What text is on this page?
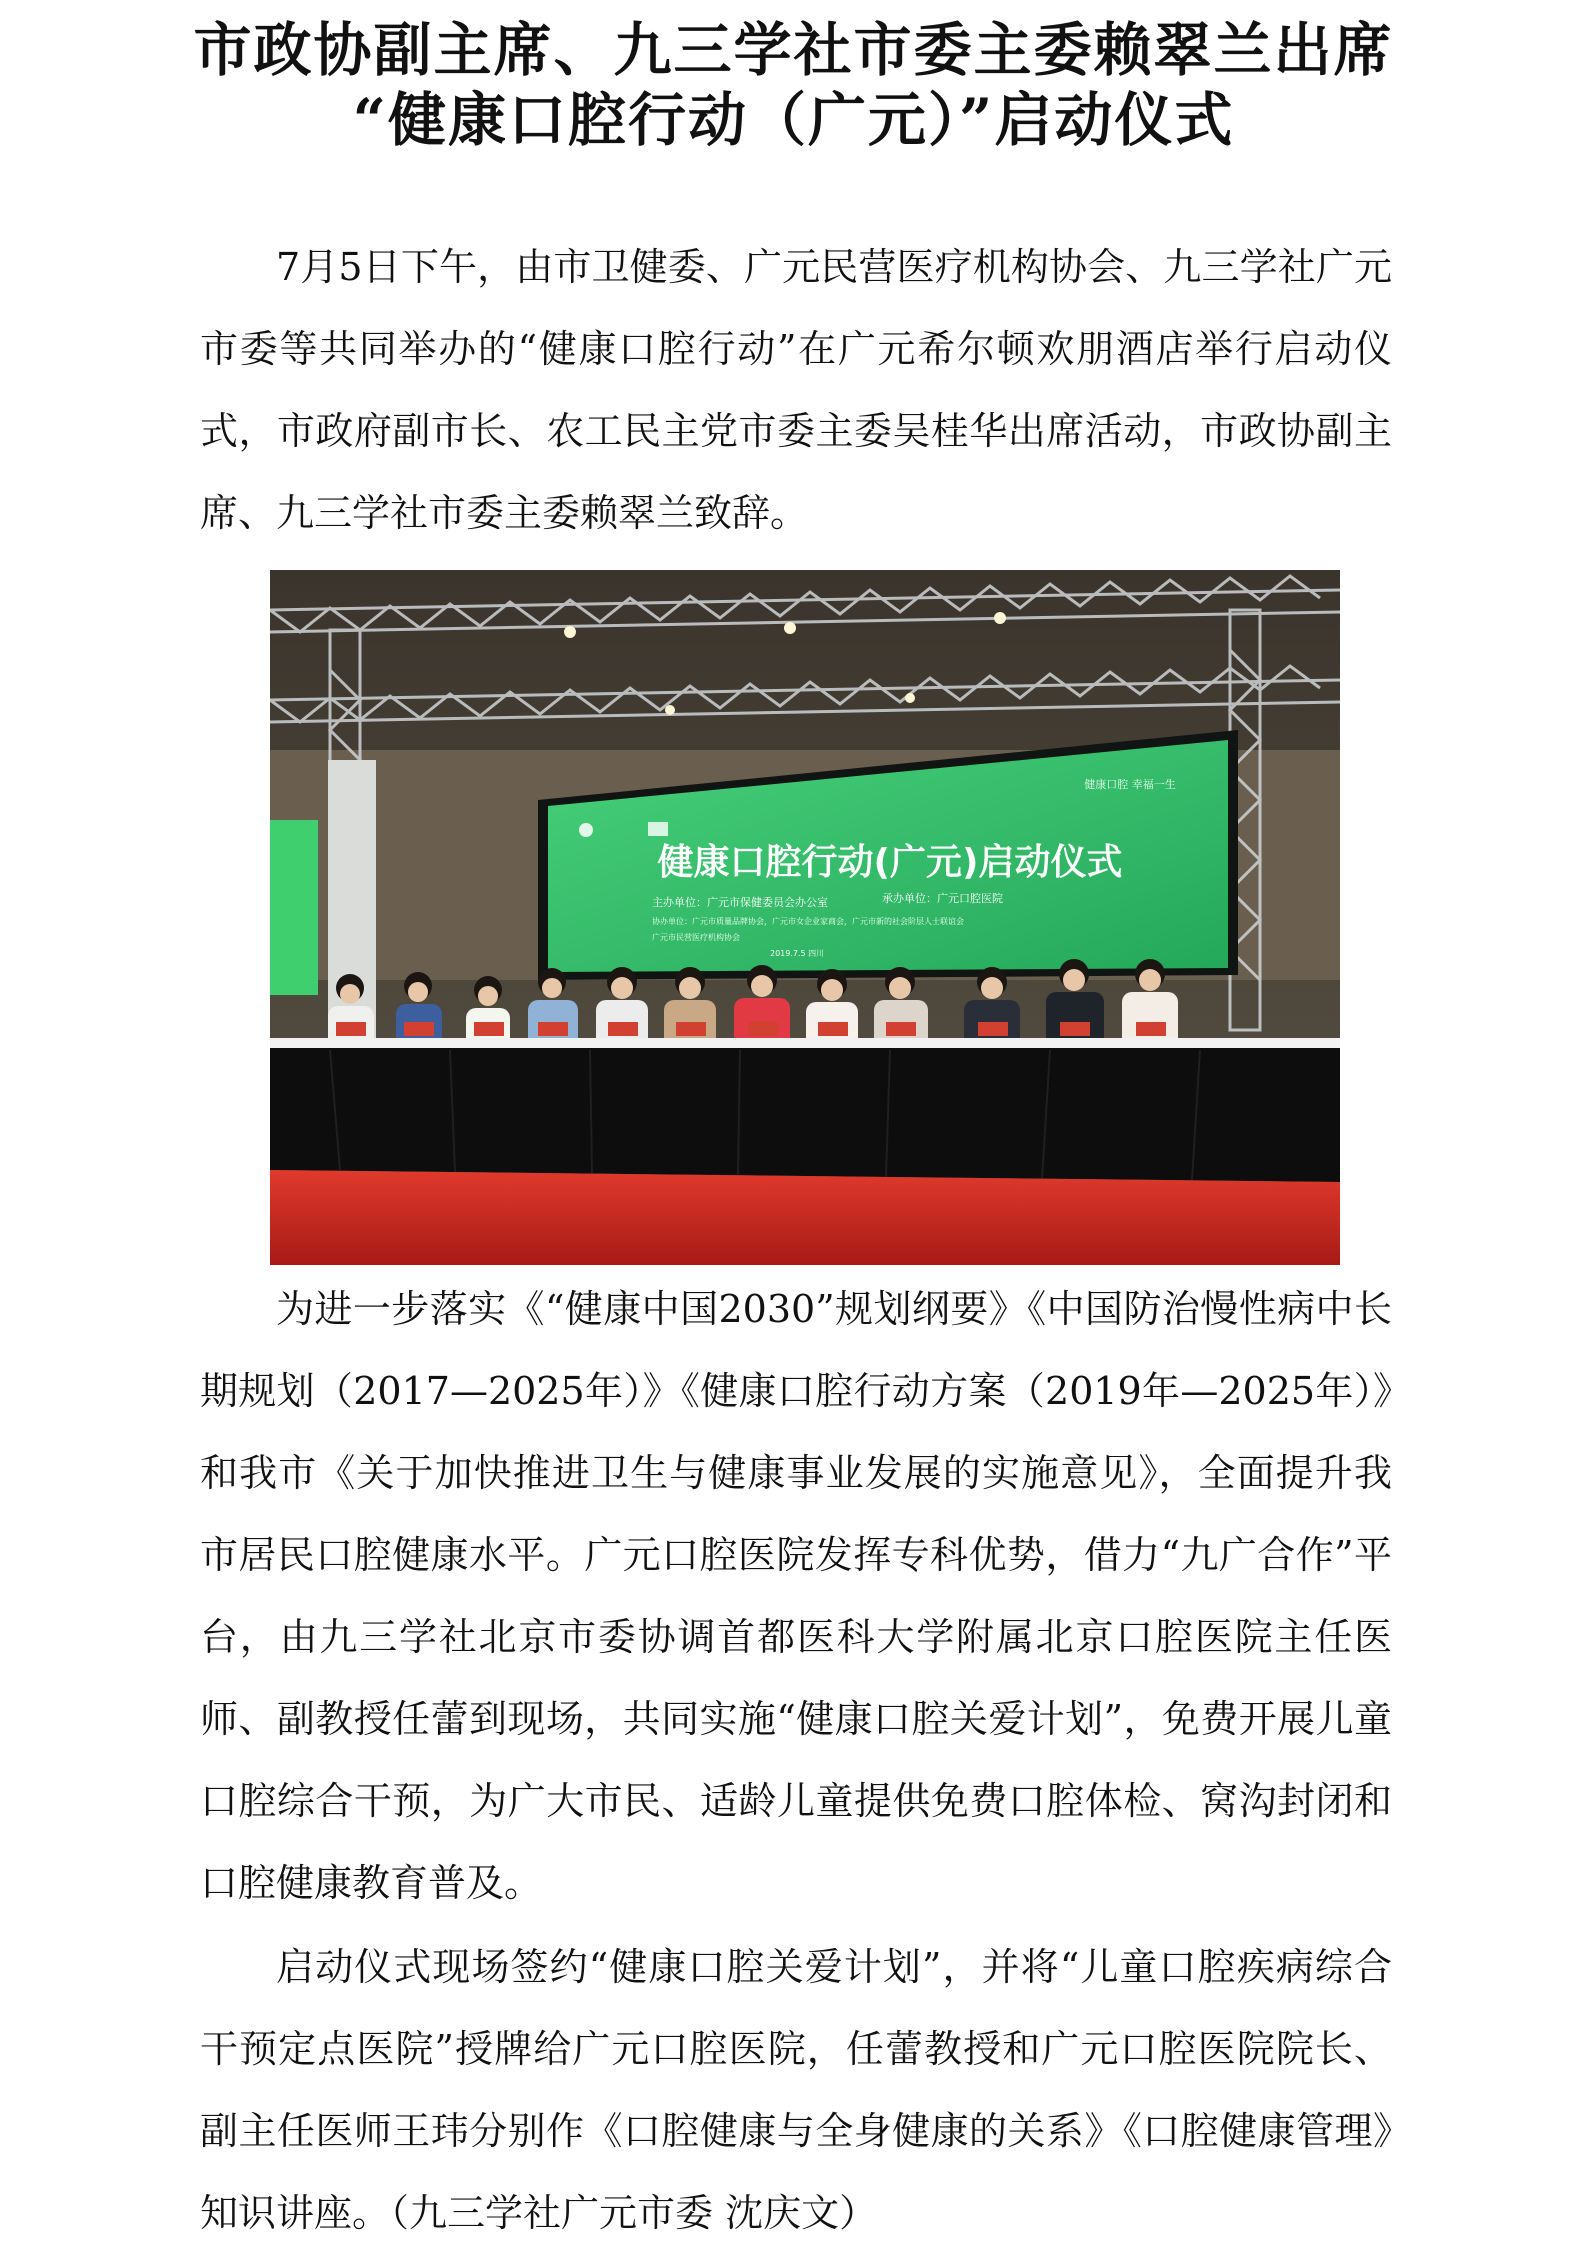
市政协副主席、九三学社市委主委赖翠兰出席
“健康口腔行动（广元）”启动仪式

7月5日下午，由市卫健委、广元民营医疗机构协会、九三学社广元市委等共同举办的“健康口腔行动”在广元希尔顿欢朋酒店举行启动仪式，市政府副市长、农工民主党市委主委吴桂华出席活动，市政协副主席、九三学社市委主委赖翠兰致辞。

健康口腔行动(广元)启动仪式
健康口腔 幸福一生
主办单位：广元市保健委员会办公室	承办单位：广元口腔医院
协办单位：广元市质量品牌协会，广元市女企业家商会，广元市新的社会阶层人士联谊会
广元市民营医疗机构协会
2019.7.5 四川

为进一步落实《“健康中国2030”规划纲要》《中国防治慢性病中长期规划（2017—2025年）》《健康口腔行动方案（2019年—2025年）》和我市《关于加快推进卫生与健康事业发展的实施意见》，全面提升我市居民口腔健康水平。广元口腔医院发挥专科优势，借力“九广合作”平台，由九三学社北京市委协调首都医科大学附属北京口腔医院主任医师、副教授任蕾到现场，共同实施“健康口腔关爱计划”，免费开展儿童口腔综合干预，为广大市民、适龄儿童提供免费口腔体检、窝沟封闭和口腔健康教育普及。

启动仪式现场签约“健康口腔关爱计划”，并将“儿童口腔疾病综合干预定点医院”授牌给广元口腔医院，任蕾教授和广元口腔医院院长、副主任医师王玮分别作《口腔健康与全身健康的关系》《口腔健康管理》知识讲座。（九三学社广元市委 沈庆文）
